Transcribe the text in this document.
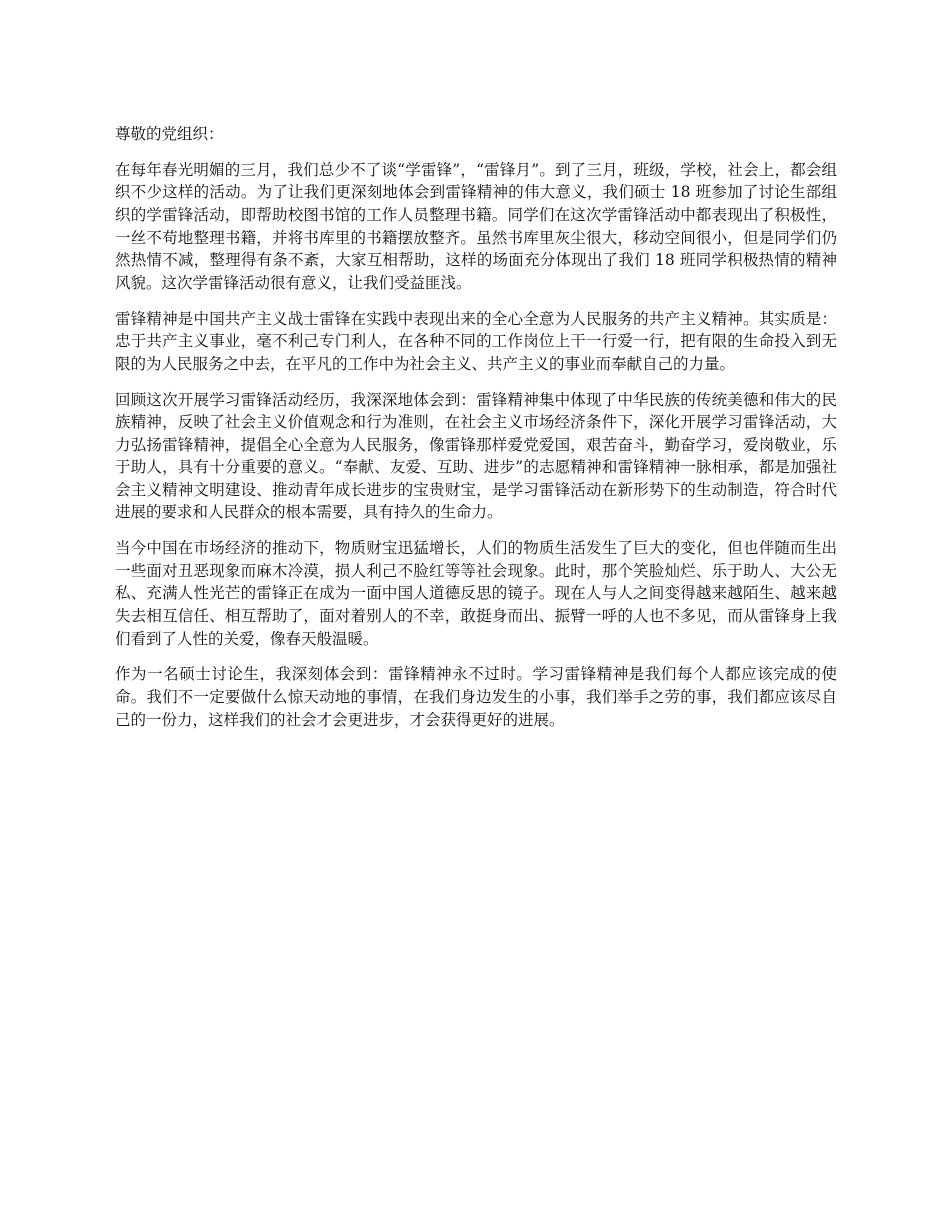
尊敬的党组织：

在每年春光明媚的三月，我们总少不了谈“学雷锋”，“雷锋月”。到了三月，班级，学校，社会上，都会组织不少这样的活动。为了让我们更深刻地体会到雷锋精神的伟大意义，我们硕士 18 班参加了讨论生部组织的学雷锋活动，即帮助校图书馆的工作人员整理书籍。同学们在这次学雷锋活动中都表现出了积极性，一丝不苟地整理书籍，并将书库里的书籍摆放整齐。虽然书库里灰尘很大，移动空间很小，但是同学们仍然热情不减，整理得有条不紊，大家互相帮助，这样的场面充分体现出了我们 18 班同学积极热情的精神风貌。这次学雷锋活动很有意义，让我们受益匪浅。

雷锋精神是中国共产主义战士雷锋在实践中表现出来的全心全意为人民服务的共产主义精神。其实质是：忠于共产主义事业，毫不利己专门利人，在各种不同的工作岗位上干一行爱一行，把有限的生命投入到无限的为人民服务之中去，在平凡的工作中为社会主义、共产主义的事业而奉献自己的力量。

回顾这次开展学习雷锋活动经历，我深深地体会到：雷锋精神集中体现了中华民族的传统美德和伟大的民族精神，反映了社会主义价值观念和行为准则，在社会主义市场经济条件下，深化开展学习雷锋活动，大力弘扬雷锋精神，提倡全心全意为人民服务，像雷锋那样爱党爱国，艰苦奋斗，勤奋学习，爱岗敬业，乐于助人，具有十分重要的意义。“奉献、友爱、互助、进步”的志愿精神和雷锋精神一脉相承，都是加强社会主义精神文明建设、推动青年成长进步的宝贵财宝，是学习雷锋活动在新形势下的生动制造，符合时代进展的要求和人民群众的根本需要，具有持久的生命力。

当今中国在市场经济的推动下，物质财宝迅猛增长，人们的物质生活发生了巨大的变化，但也伴随而生出一些面对丑恶现象而麻木冷漠，损人利己不脸红等等社会现象。此时，那个笑脸灿烂、乐于助人、大公无私、充满人性光芒的雷锋正在成为一面中国人道德反思的镜子。现在人与人之间变得越来越陌生、越来越失去相互信任、相互帮助了，面对着别人的不幸，敢挺身而出、振臂一呼的人也不多见，而从雷锋身上我们看到了人性的关爱，像春天般温暖。

作为一名硕士讨论生，我深刻体会到：雷锋精神永不过时。学习雷锋精神是我们每个人都应该完成的使命。我们不一定要做什么惊天动地的事情，在我们身边发生的小事，我们举手之劳的事，我们都应该尽自己的一份力，这样我们的社会才会更进步，才会获得更好的进展。
